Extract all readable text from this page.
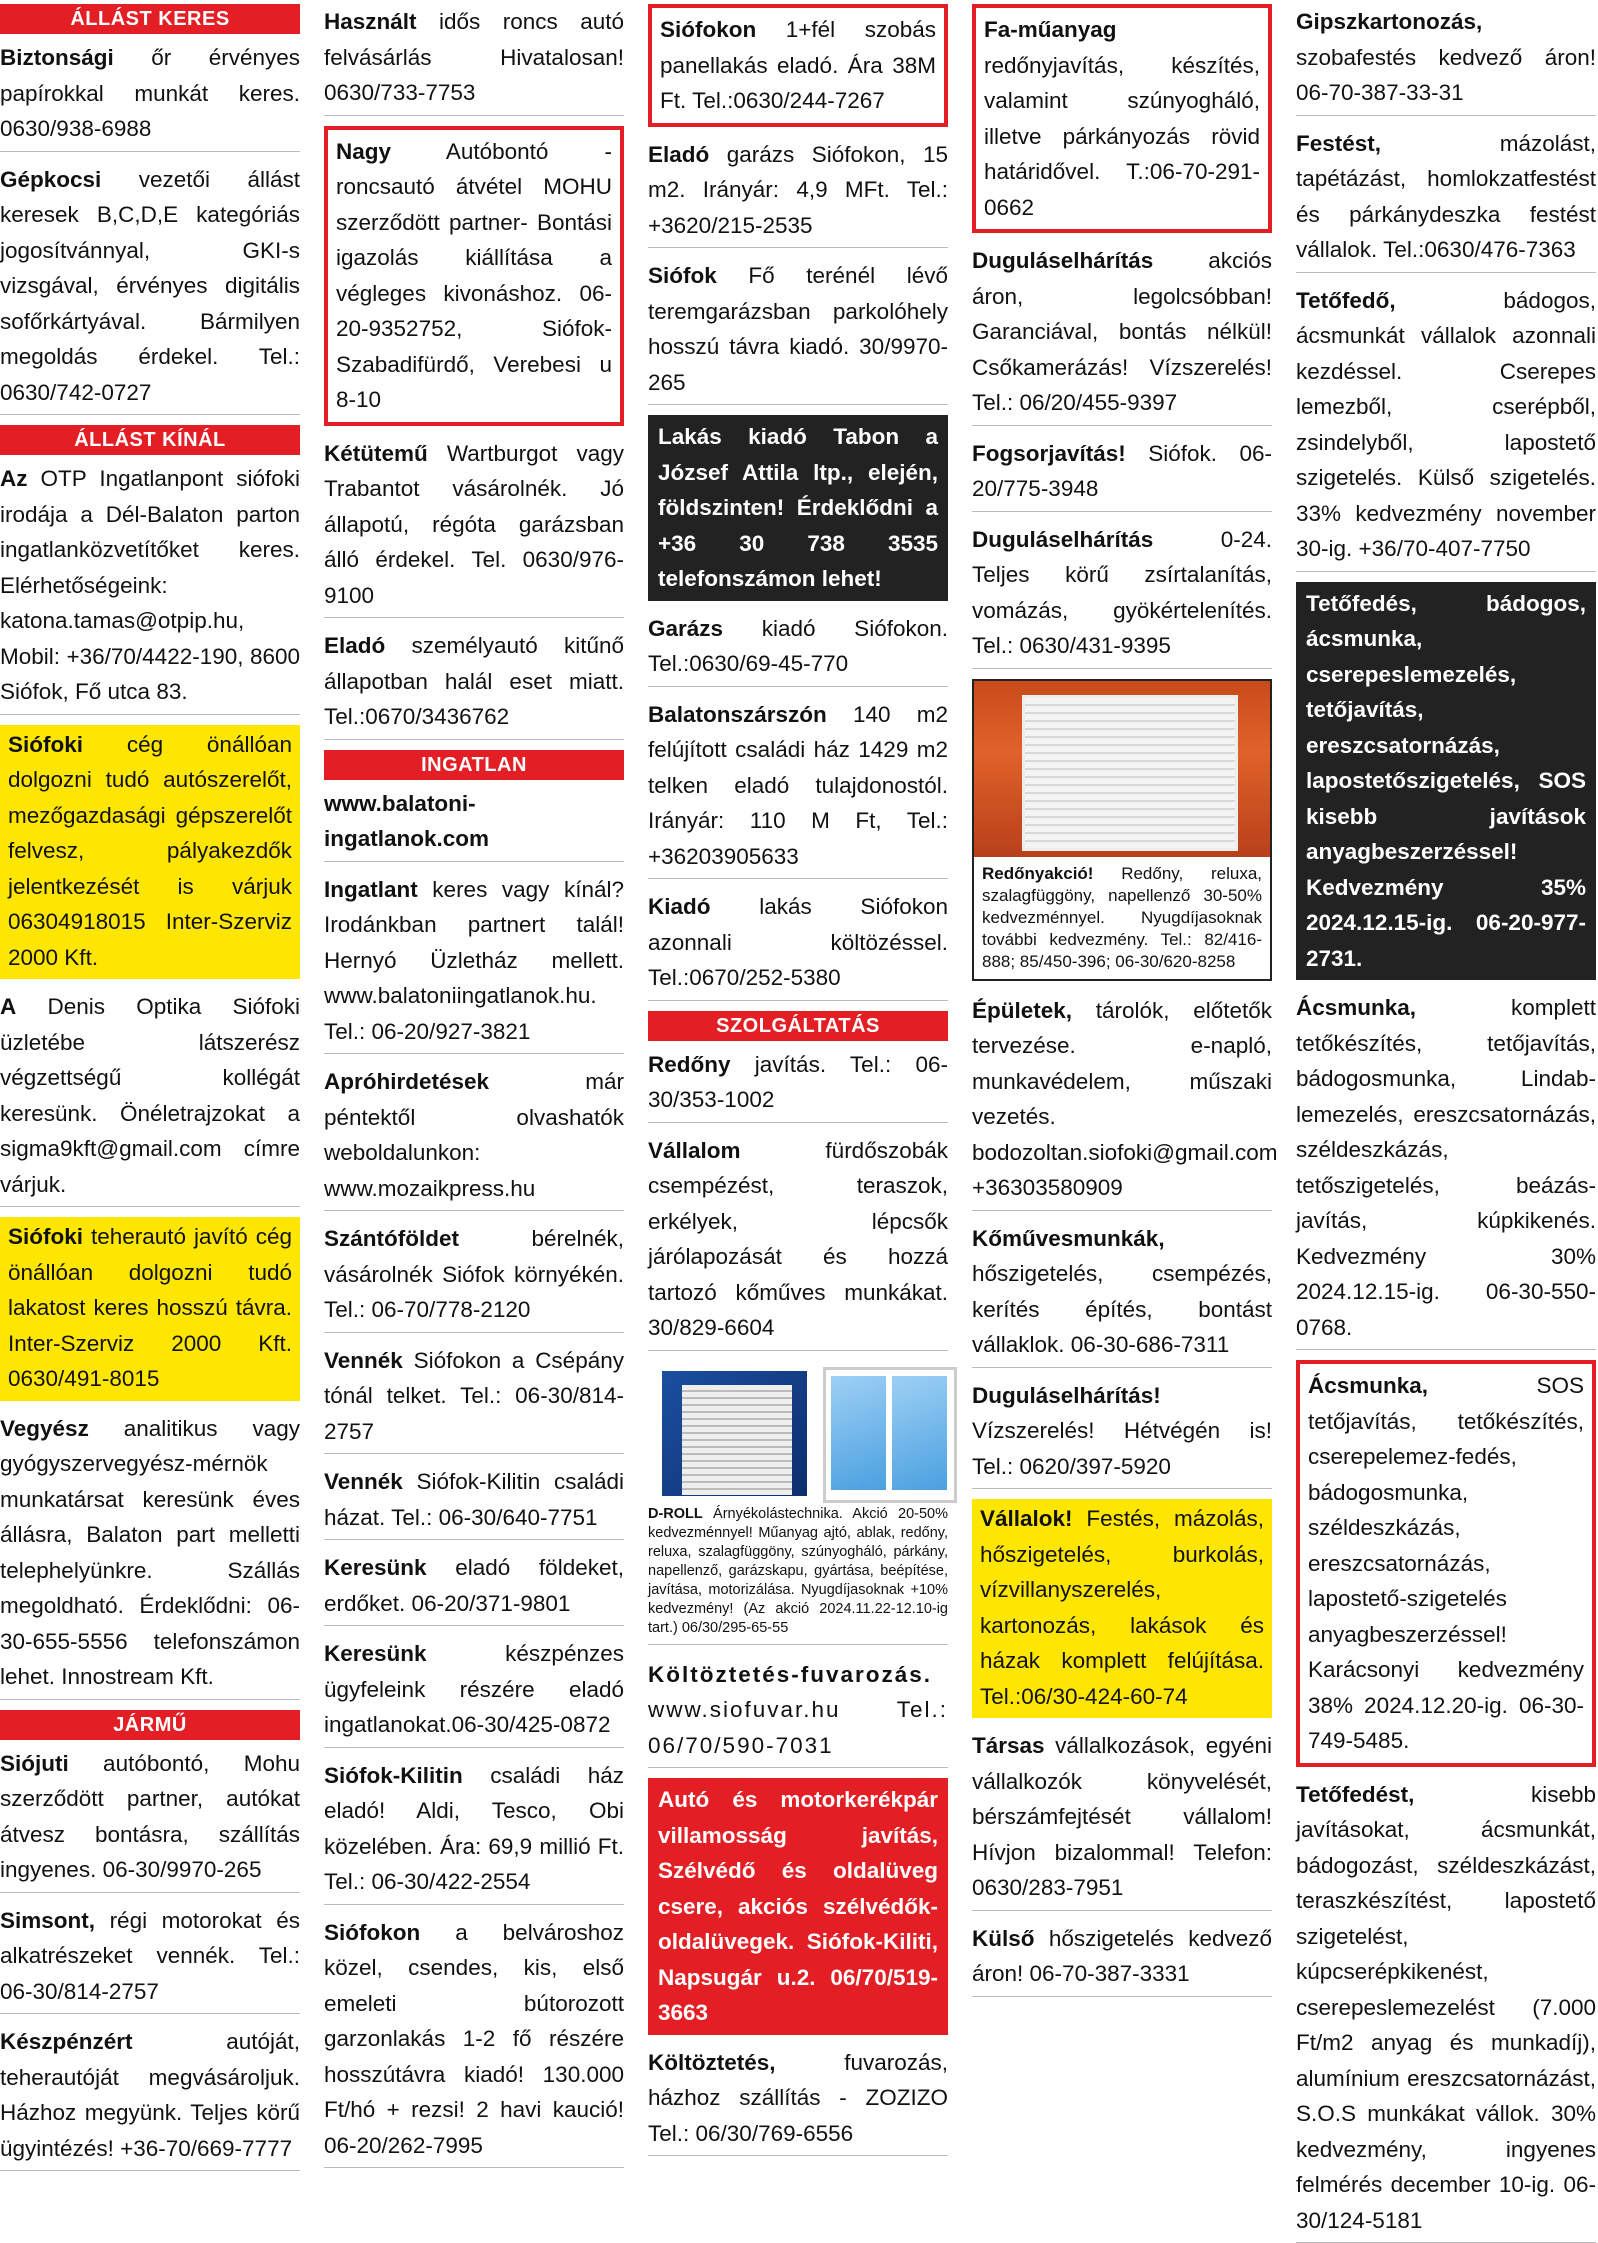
ÁLLÁST KERES

Biztonsági őr érvényes papírokkal munkát keres. 0630/938-6988

Gépkocsi vezetői állást keresek B,C,D,E kategóriás jogosítvánnyal, GKI-s vizsgával, érvényes digitális sofőrkártyával. Bármilyen megoldás érdekel. Tel.: 0630/742-0727

ÁLLÁST KÍNÁL

Az OTP Ingatlanpont siófoki irodája a Dél-Balaton parton ingatlanközvetítőket keres. Elérhetőségeink: katona.tamas@otpip.hu, Mobil: +36/70/4422-190, 8600 Siófok, Fő utca 83.

Siófoki cég önállóan dolgozni tudó autószerelőt, mezőgazdasági gépszerelőt felvesz, pályakezdők jelentkezését is várjuk 06304918015 Inter-Szerviz 2000 Kft.

A Denis Optika Siófoki üzletébe látszerész végzettségű kollégát keresünk. Önéletrajzokat a sigma9kft@gmail.com címre várjuk.

Siófoki teherautó javító cég önállóan dolgozni tudó lakatost keres hosszú távra. Inter-Szerviz 2000 Kft. 0630/491-8015

Vegyész analitikus vagy gyógyszervegyész-mérnök munkatársat keresünk éves állásra, Balaton part melletti telephelyünkre. Szállás megoldható. Érdeklődni: 06-30-655-5556 telefonszámon lehet. Innostream Kft.

JÁRMŰ

Siójuti autóbontó, Mohu szerződött partner, autókat átvesz bontásra, szállítás ingyenes. 06-30/9970-265

Simsont, régi motorokat és alkatrészeket vennék. Tel.: 06-30/814-2757

Készpénzért autóját, teherautóját megvásároljuk. Házhoz megyünk. Teljes körű ügyintézés! +36-70/669-7777

Használt idős roncs autó felvásárlás Hivatalosan! 0630/733-7753

Nagy Autóbontó - roncsautó átvétel MOHU szerződött partner- Bontási igazolás kiállítása a végleges kivonáshoz. 06-20-9352752, Siófok-Szabadifürdő, Verebesi u 8-10

Kétütemű Wartburgot vagy Trabantot vásárolnék. Jó állapotú, régóta garázsban álló érdekel. Tel. 0630/976-9100

Eladó személyautó kitűnő állapotban halál eset miatt. Tel.:0670/3436762

INGATLAN

www.balatoni-ingatlanok.com

Ingatlant keres vagy kínál? Irodánkban partnert talál! Hernyó Üzletház mellett. www.balatoniingatlanok.hu. Tel.: 06-20/927-3821

Apróhirdetések már péntektől olvashatók weboldalunkon: www.mozaikpress.hu

Szántóföldet bérelnék, vásárolnék Siófok környékén. Tel.: 06-70/778-2120

Vennék Siófokon a Csépány tónál telket. Tel.: 06-30/814-2757

Vennék Siófok-Kilitin családi házat. Tel.: 06-30/640-7751

Keresünk eladó földeket, erdőket. 06-20/371-9801

Keresünk készpénzes ügyfeleink részére eladó ingatlanokat.06-30/425-0872

Siófok-Kilitin családi ház eladó! Aldi, Tesco, Obi közelében. Ára: 69,9 millió Ft. Tel.: 06-30/422-2554

Siófokon a belvároshoz közel, csendes, kis, első emeleti bútorozott garzonlakás 1-2 fő részére hosszútávra kiadó! 130.000 Ft/hó + rezsi! 2 havi kaució! 06-20/262-7995

Siófokon 1+fél szobás panellakás eladó. Ára 38M Ft. Tel.:0630/244-7267

Eladó garázs Siófokon, 15 m2. Irányár: 4,9 MFt. Tel.: +3620/215-2535

Siófok Fő terénél lévő teremgarázsban parkolóhely hosszú távra kiadó. 30/9970-265

Lakás kiadó Tabon a József Attila ltp., elején, földszinten! Érdeklődni a +36 30 738 3535 telefonszámon lehet!

Garázs kiadó Siófokon. Tel.:0630/69-45-770

Balatonszárszón 140 m2 felújított családi ház 1429 m2 telken eladó tulajdonostól. Irányár: 110 M Ft, Tel.: +36203905633

Kiadó lakás Siófokon azonnali költözéssel. Tel.:0670/252-5380

SZOLGÁLTATÁS

Redőny javítás. Tel.: 06-30/353-1002

Vállalom fürdőszobák csempézést, teraszok, erkélyek, lépcsők járólapozását és hozzá tartozó kőműves munkákat. 30/829-6604

D-ROLL Árnyékolástechnika. Akció 20-50% kedvezménnyel! Műanyag ajtó, ablak, redőny, reluxa, szalagfüggöny, szúnyogháló, párkány, napellenző, garázskapu, gyártása, beépítése, javítása, motorizálása. Nyugdíjasoknak +10% kedvezmény! (Az akció 2024.11.22-12.10-ig tart.) 06/30/295-65-55

Költöztetés-fuvarozás. www.siofuvar.hu Tel.: 06/70/590-7031

Autó és motorkerékpár villamosság javítás, Szélvédő és oldalüveg csere, akciós szélvédők-oldalüvegek. Siófok-Kiliti, Napsugár u.2. 06/70/519-3663

Költöztetés, fuvarozás, házhoz szállítás - ZOZIZO Tel.: 06/30/769-6556

Fa-műanyag redőnyjavítás, készítés, valamint szúnyogháló, illetve párkányozás rövid határidővel. T.:06-70-291-0662

Duguláselhárítás akciós áron, legolcsóbban! Garanciával, bontás nélkül! Csőkamerázás! Vízszerelés! Tel.: 06/20/455-9397

Fogsorjavítás! Siófok. 06-20/775-3948

Duguláselhárítás 0-24. Teljes körű zsírtalanítás, vomázás, gyökértelenítés. Tel.: 0630/431-9395

Redőnyakció! Redőny, reluxa, szalagfüggöny, napellenző 30-50% kedvezménnyel. Nyugdíjasoknak további kedvezmény. Tel.: 82/416-888; 85/450-396; 06-30/620-8258

Épületek, tárolók, előtetők tervezése. e-napló, munkavédelem, műszaki vezetés. bodozoltan.siofoki@gmail.com +36303580909

Kőművesmunkák, hőszigetelés, csempézés, kerítés építés, bontást vállaklok. 06-30-686-7311

Duguláselhárítás! Vízszerelés! Hétvégén is! Tel.: 0620/397-5920

Vállalok! Festés, mázolás, hőszigetelés, burkolás, vízvillanyszerelés, kartonozás, lakások és házak komplett felújítása. Tel.:06/30-424-60-74

Társas vállalkozások, egyéni vállalkozók könyvelését, bérszámfejtését vállalom! Hívjon bizalommal! Telefon: 0630/283-7951

Külső hőszigetelés kedvező áron! 06-70-387-3331

Gipszkartonozás, szobafestés kedvező áron! 06-70-387-33-31

Festést, mázolást, tapétázást, homlokzatfestést és párkánydeszka festést vállalok. Tel.:0630/476-7363

Tetőfedő, bádogos, ácsmunkát vállalok azonnali kezdéssel. Cserepes lemezből, cserépből, zsindelyből, lapostető szigetelés. Külső szigetelés. 33% kedvezmény november 30-ig. +36/70-407-7750

Tetőfedés, bádogos, ácsmunka, cserepeslemezelés, tetőjavítás, ereszcsatornázás, lapostetőszigetelés, SOS kisebb javítások anyagbeszerzéssel! Kedvezmény 35% 2024.12.15-ig. 06-20-977-2731.

Ácsmunka, komplett tetőkészítés, tetőjavítás, bádogosmunka, Lindab-lemezelés, ereszcsatornázás, széldeszkázás, tetőszigetelés, beázás-javítás, kúpkikenés. Kedvezmény 30% 2024.12.15-ig. 06-30-550-0768.

Ácsmunka, SOS tetőjavítás, tetőkészítés, cserepelemez-fedés, bádogosmunka, széldeszkázás, ereszcsatornázás, lapostető-szigetelés anyagbeszerzéssel! Karácsonyi kedvezmény 38% 2024.12.20-ig. 06-30-749-5485.

Tetőfedést, kisebb javításokat, ácsmunkát, bádogozást, széldeszkázást, teraszkészítést, lapostető szigetelést, kúpcserépkikenést, cserepeslemezelést (7.000 Ft/m2 anyag és munkadíj), alumínium ereszcsatornázást, S.O.S munkákat vállok. 30% kedvezmény, ingyenes felmérés december 10-ig. 06-30/124-5181
